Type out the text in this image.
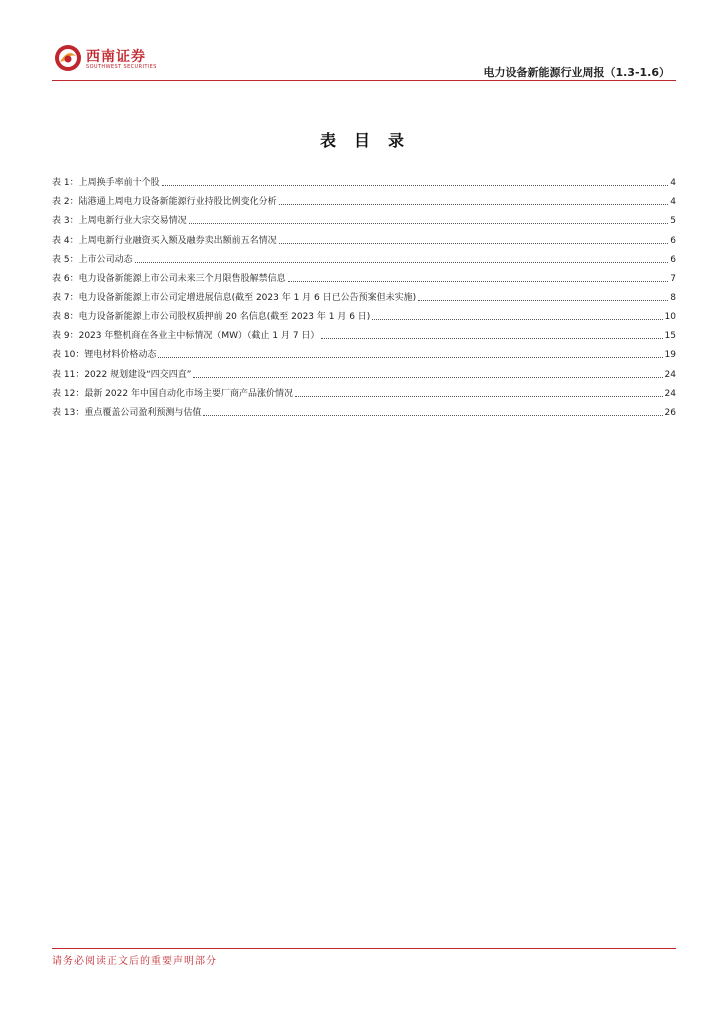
西南证券
SOUTHWEST SECURITIES	电力设备新能源行业周报（1.3-1.6）
表目录
表 1：上周换手率前十个股	4
表 2：陆港通上周电力设备新能源行业持股比例变化分析	4
表 3：上周电新行业大宗交易情况	5
表 4：上周电新行业融资买入额及融券卖出额前五名情况	6
表 5：上市公司动态	6
表 6：电力设备新能源上市公司未来三个月限售股解禁信息	7
表 7：电力设备新能源上市公司定增进展信息(截至 2023 年 1 月 6 日已公告预案但未实施)	8
表 8：电力设备新能源上市公司股权质押前 20 名信息(截至 2023 年 1 月 6 日)	10
表 9：2023 年整机商在各业主中标情况（MW）（截止 1 月 7 日）	15
表 10：锂电材料价格动态	19
表 11：2022 规划建设“四交四直”	24
表 12：最新 2022 年中国自动化市场主要厂商产品涨价情况	24
表 13：重点覆盖公司盈利预测与估值	26
请务必阅读正文后的重要声明部分
